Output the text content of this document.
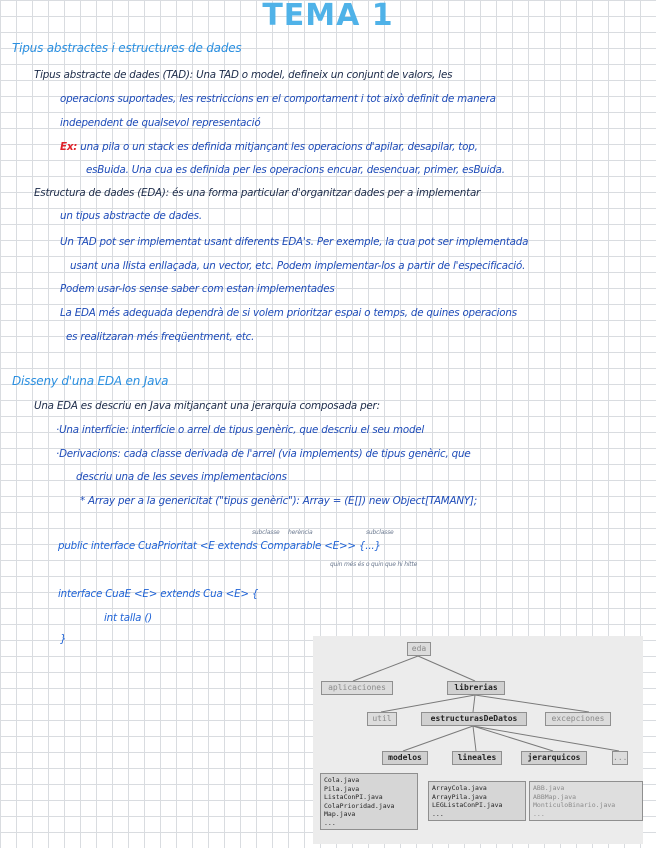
TEMA 1
Tipus abstractes i estructures de dades
Tipus abstracte de dades (TAD): Una TAD o model, defineix un conjunt de valors, les
operacions suportades, les restriccions en el comportament i tot això definit de manera
independent de qualsevol representació
Ex: una pila o un stack es definida mitjançant les operacions d'apilar, desapilar, top,
esBuida. Una cua es definida per les operacions encuar, desencuar, primer, esBuida.
Estructura de dades (EDA): és una forma particular d'organitzar dades per a implementar
un tipus abstracte de dades.
Un TAD pot ser implementat usant diferents EDA's. Per exemple, la cua pot ser implementada
usant una llista enllaçada, un vector, etc. Podem implementar-los a partir de l'especificació.
Podem usar-los sense saber com estan implementades
La EDA més adequada dependrà de si volem prioritzar espai o temps, de quines operacions
es realitzaran més freqüentment, etc.
Disseny d'una EDA en Java
Una EDA es descriu en Java mitjançant una jerarquia composada per:
·Una interfície: interfície o arrel de tipus genèric, que descriu el seu model
·Derivacions: cada classe derivada de l'arrel (via implements) de tipus genèric, que
descriu una de les seves implementacions
* Array per a la genericitat ("tipus genèric"): Array = (E[]) new Object[TAMANY];
subclasse herència	subclasse
public interface CuaPrioritat <E extends Comparable <E>> {...}
quin més és o quin que hi hitte
interface CuaE <E> extends Cua <E> {
int talla ()
}
eda
aplicaciones	librerias
util	estructurasDeDatos	excepciones
modelos	lineales	jerarquicos	...
Cola.java
Pila.java
ListaConPI.java
ColaPrioridad.java
Map.java
...
ArrayCola.java
ArrayPila.java
LEGListaConPI.java
...
ABB.java
ABBMap.java
MonticuloBinario.java
...
